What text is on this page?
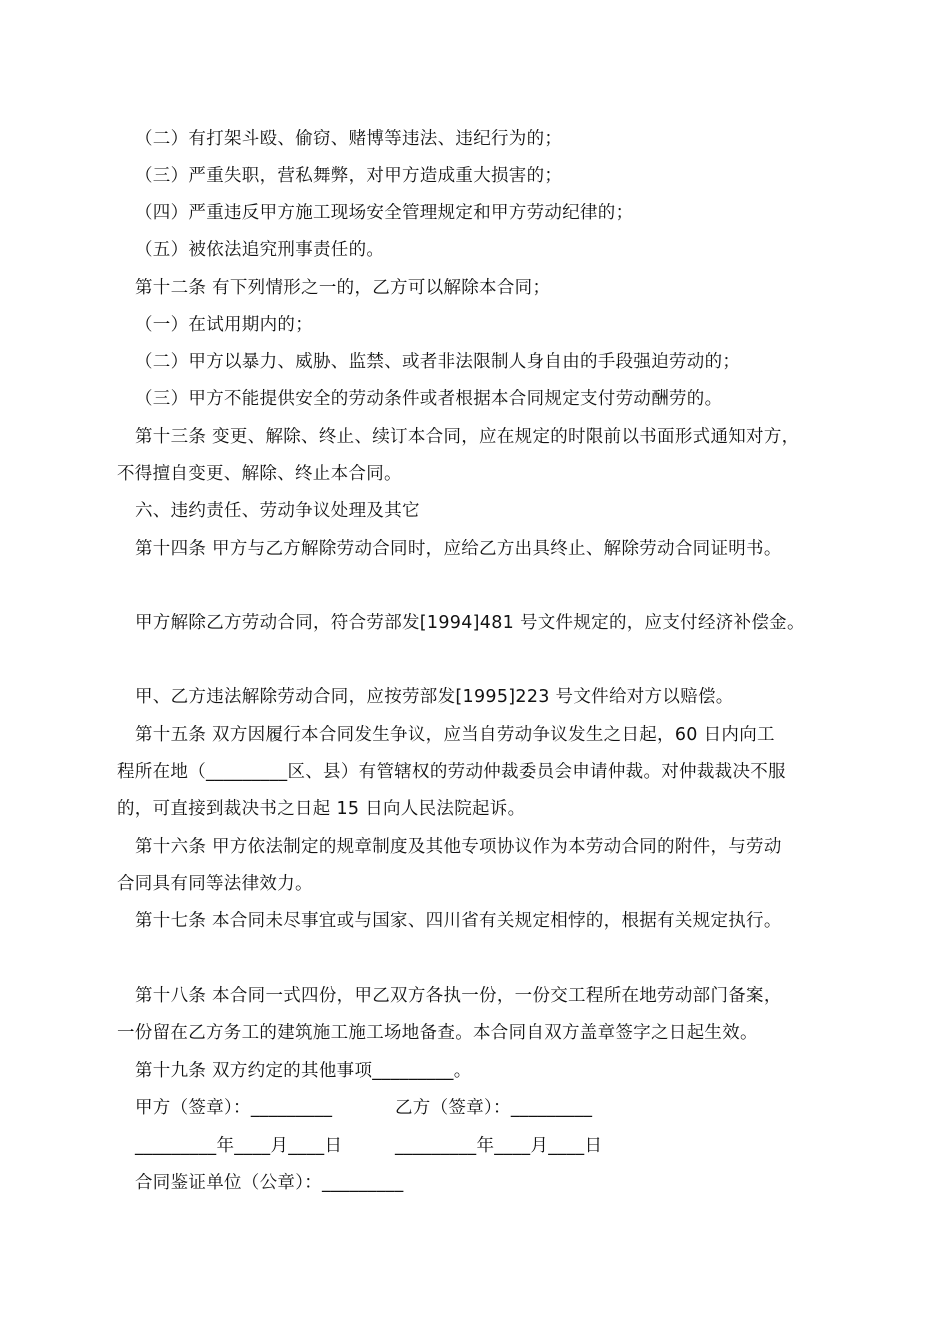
（二）有打架斗殴、偷窃、赌博等违法、违纪行为的；
（三）严重失职，营私舞弊，对甲方造成重大损害的；
（四）严重违反甲方施工现场安全管理规定和甲方劳动纪律的；
（五）被依法追究刑事责任的。
第十二条 有下列情形之一的，乙方可以解除本合同；
（一）在试用期内的；
（二）甲方以暴力、威胁、监禁、或者非法限制人身自由的手段强迫劳动的；
（三）甲方不能提供安全的劳动条件或者根据本合同规定支付劳动酬劳的。
第十三条 变更、解除、终止、续订本合同，应在规定的时限前以书面形式通知对方，
不得擅自变更、解除、终止本合同。
六、违约责任、劳动争议处理及其它
第十四条 甲方与乙方解除劳动合同时，应给乙方出具终止、解除劳动合同证明书。
甲方解除乙方劳动合同，符合劳部发[1994]481 号文件规定的，应支付经济补偿金。
甲、乙方违法解除劳动合同，应按劳部发[1995]223 号文件给对方以赔偿。
第十五条 双方因履行本合同发生争议，应当自劳动争议发生之日起，60 日内向工
程所在地（_________区、县）有管辖权的劳动仲裁委员会申请仲裁。对仲裁裁决不服
的，可直接到裁决书之日起 15 日向人民法院起诉。
第十六条 甲方依法制定的规章制度及其他专项协议作为本劳动合同的附件，与劳动
合同具有同等法律效力。
第十七条 本合同未尽事宜或与国家、四川省有关规定相悖的，根据有关规定执行。
第十八条 本合同一式四份，甲乙双方各执一份，一份交工程所在地劳动部门备案，
一份留在乙方务工的建筑施工施工场地备查。本合同自双方盖章签字之日起生效。
第十九条 双方约定的其他事项_________。
甲方（签章）：_________	乙方（签章）：_________
_________年____月____日	_________年____月____日
合同鉴证单位（公章）：_________
